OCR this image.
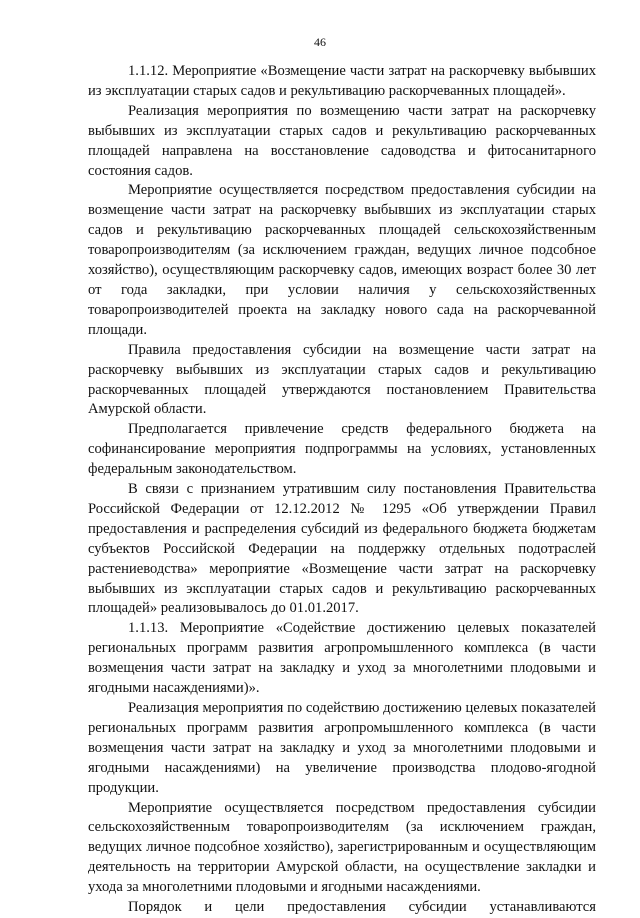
46

1.1.12. Мероприятие «Возмещение части затрат на раскорчевку выбывших из эксплуатации старых садов и рекультивацию раскорчеванных площадей».

Реализация мероприятия по возмещению части затрат на раскорчевку выбывших из эксплуатации старых садов и рекультивацию раскорчеванных площадей направлена на восстановление садоводства и фитосанитарного состояния садов.

Мероприятие осуществляется посредством предоставления субсидии на возмещение части затрат на раскорчевку выбывших из эксплуатации старых садов и рекультивацию раскорчеванных площадей сельскохозяйственным товаропроизводителям (за исключением граждан, ведущих личное подсобное хозяйство), осуществляющим раскорчевку садов, имеющих возраст более 30 лет от года закладки, при условии наличия у сельскохозяйственных товаропроизводителей проекта на закладку нового сада на раскорчеванной площади.

Правила предоставления субсидии на возмещение части затрат на раскорчевку выбывших из эксплуатации старых садов и рекультивацию раскорчеванных площадей утверждаются постановлением Правительства Амурской области.

Предполагается привлечение средств федерального бюджета на софинансирование мероприятия подпрограммы на условиях, установленных федеральным законодательством.

В связи с признанием утратившим силу постановления Правительства Российской Федерации от 12.12.2012 № 1295 «Об утверждении Правил предоставления и распределения субсидий из федерального бюджета бюджетам субъектов Российской Федерации на поддержку отдельных подотраслей растениеводства» мероприятие «Возмещение части затрат на раскорчевку выбывших из эксплуатации старых садов и рекультивацию раскорчеванных площадей» реализовывалось до 01.01.2017.

1.1.13. Мероприятие «Содействие достижению целевых показателей региональных программ развития агропромышленного комплекса (в части возмещения части затрат на закладку и уход за многолетними плодовыми и ягодными насаждениями)».

Реализация мероприятия по содействию достижению целевых показателей региональных программ развития агропромышленного комплекса (в части возмещения части затрат на закладку и уход за многолетними плодовыми и ягодными насаждениями) на увеличение производства плодово-ягодной продукции.

Мероприятие осуществляется посредством предоставления субсидии сельскохозяйственным товаропроизводителям (за исключением граждан, ведущих личное подсобное хозяйство), зарегистрированным и осуществляющим деятельность на территории Амурской области, на осуществление закладки и ухода за многолетними плодовыми и ягодными насаждениями.

Порядок и цели предоставления субсидии устанавливаются
